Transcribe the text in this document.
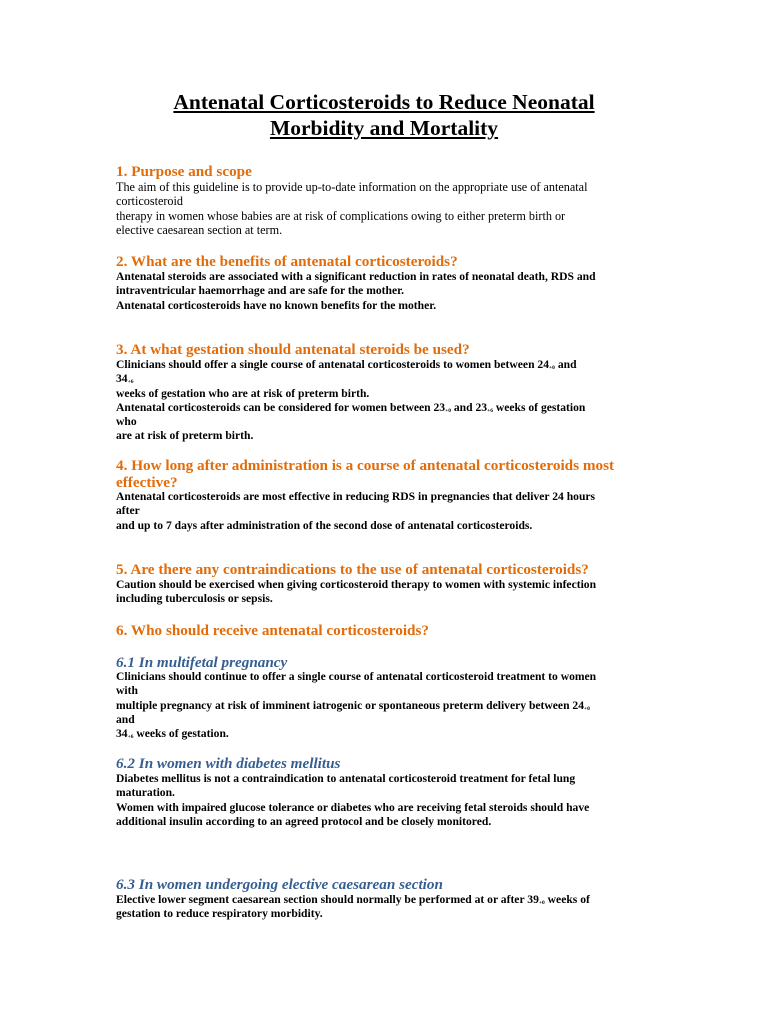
Antenatal Corticosteroids to Reduce Neonatal
Morbidity and Mortality
1. Purpose and scope
The aim of this guideline is to provide up-to-date information on the appropriate use of antenatal
corticosteroid
therapy in women whose babies are at risk of complications owing to either preterm birth or
elective caesarean section at term.
2. What are the benefits of antenatal corticosteroids?
Antenatal steroids are associated with a significant reduction in rates of neonatal death, RDS and
intraventricular haemorrhage and are safe for the mother.
Antenatal corticosteroids have no known benefits for the mother.
3. At what gestation should antenatal steroids be used?
Clinicians should offer a single course of antenatal corticosteroids to women between $24_{+0}$ and
$34_{+6}$
weeks of gestation who are at risk of preterm birth.
Antenatal corticosteroids can be considered for women between $23_{+0}$ and $23_{+6}$ weeks of gestation
who
are at risk of preterm birth.
4. How long after administration is a course of antenatal corticosteroids most
effective?
Antenatal corticosteroids are most effective in reducing RDS in pregnancies that deliver 24 hours
after
and up to 7 days after administration of the second dose of antenatal corticosteroids.
5. Are there any contraindications to the use of antenatal corticosteroids?
Caution should be exercised when giving corticosteroid therapy to women with systemic infection
including tuberculosis or sepsis.
6. Who should receive antenatal corticosteroids?
6.1 In multifetal pregnancy
Clinicians should continue to offer a single course of antenatal corticosteroid treatment to women
with
multiple pregnancy at risk of imminent iatrogenic or spontaneous preterm delivery between $24_{+0}$
and
$34_{+6}$ weeks of gestation.
6.2 In women with diabetes mellitus
Diabetes mellitus is not a contraindication to antenatal corticosteroid treatment for fetal lung
maturation.
Women with impaired glucose tolerance or diabetes who are receiving fetal steroids should have
additional insulin according to an agreed protocol and be closely monitored.
6.3 In women undergoing elective caesarean section
Elective lower segment caesarean section should normally be performed at or after $39_{+0}$ weeks of
gestation to reduce respiratory morbidity.
